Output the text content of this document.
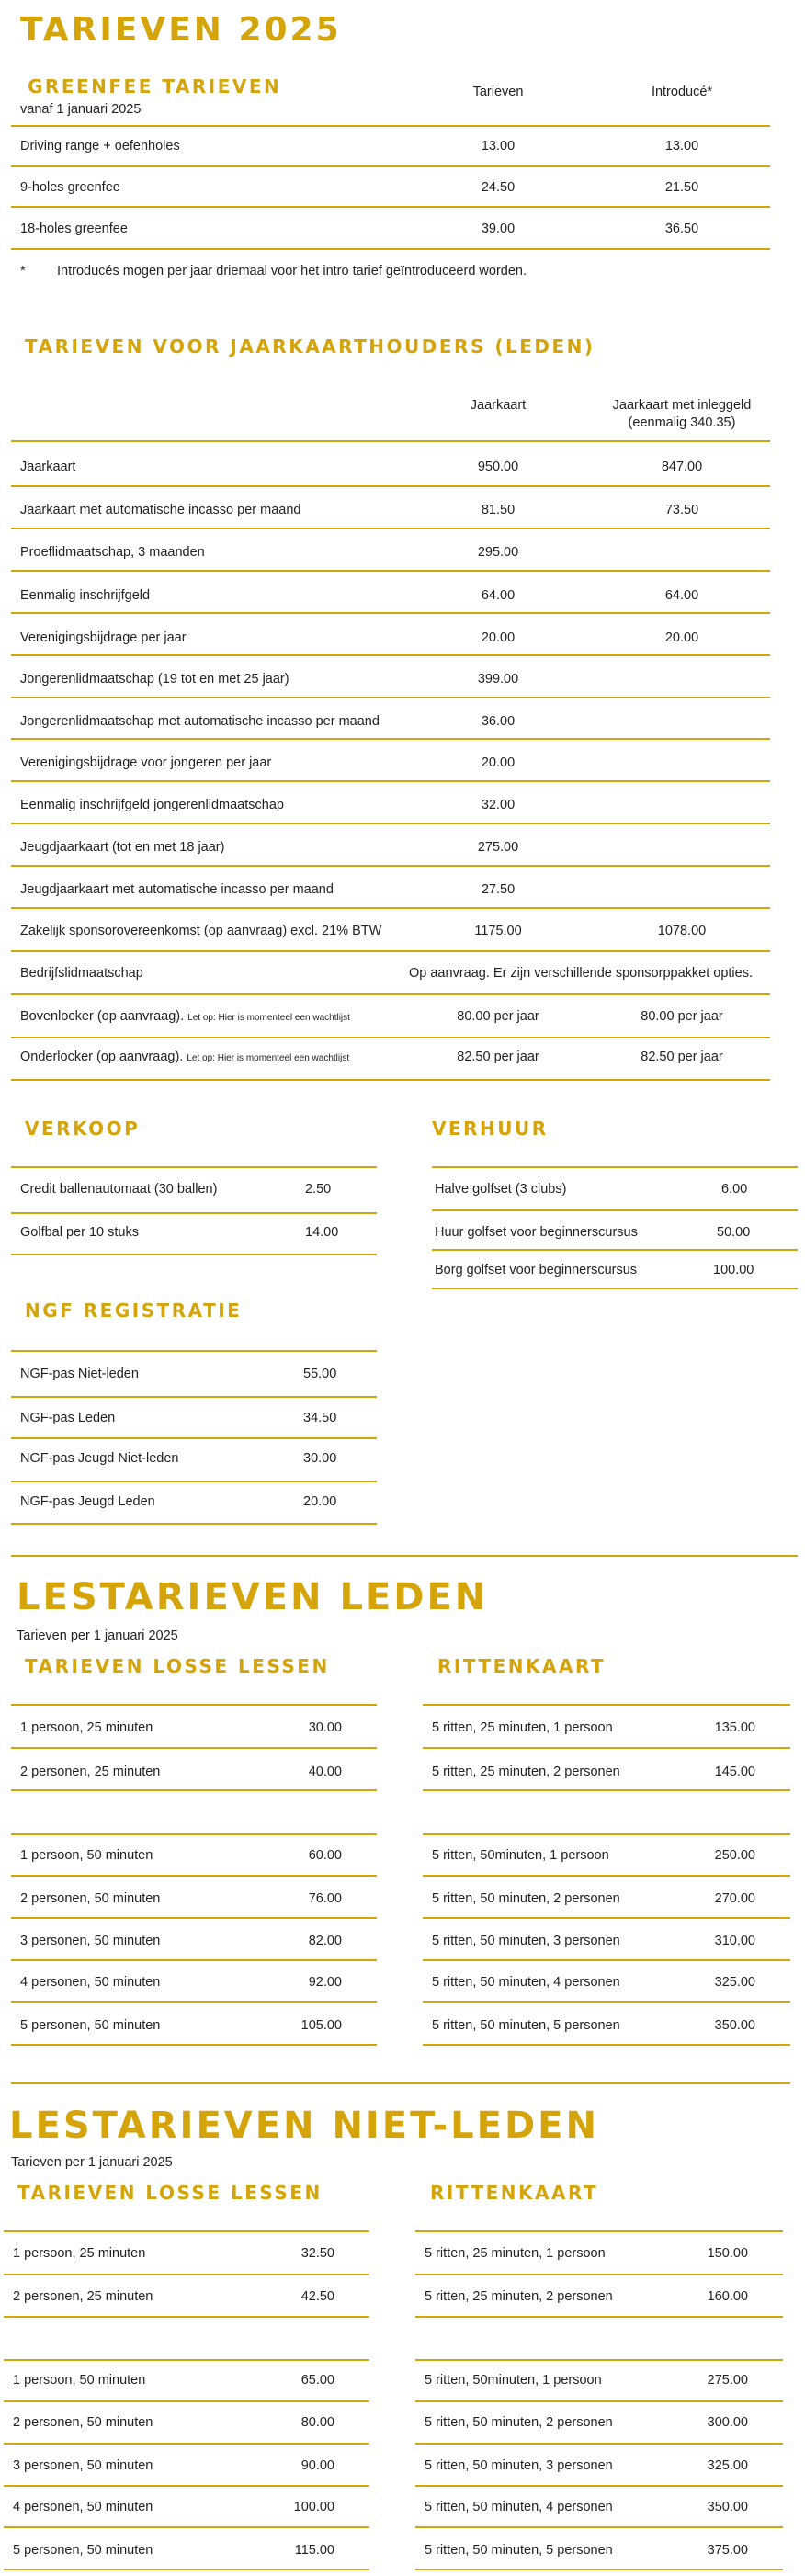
TARIEVEN 2025
GREENFEE TARIEVEN
vanaf 1 januari 2025
Tarieven	Introducé*
Driving range + oefenholes	13.00	13.00
9-holes greenfee	24.50	21.50
18-holes greenfee	39.00	36.50
* Introducés mogen per jaar driemaal voor het intro tarief geïntroduceerd worden.
TARIEVEN VOOR JAARKAARTHOUDERS (LEDEN)
Jaarkaart	Jaarkaart met inleggeld
(eenmalig 340.35)
Jaarkaart	950.00	847.00
Jaarkaart met automatische incasso per maand	81.50	73.50
Proeflidmaatschap, 3 maanden	295.00
Eenmalig inschrijfgeld	64.00	64.00
Verenigingsbijdrage per jaar	20.00	20.00
Jongerenlidmaatschap (19 tot en met 25 jaar)	399.00
Jongerenlidmaatschap met automatische incasso per maand	36.00
Verenigingsbijdrage voor jongeren per jaar	20.00
Eenmalig inschrijfgeld jongerenlidmaatschap	32.00
Jeugdjaarkaart (tot en met 18 jaar)	275.00
Jeugdjaarkaart met automatische incasso per maand	27.50
Zakelijk sponsorovereenkomst (op aanvraag) excl. 21% BTW	1175.00	1078.00
Bedrijfslidmaatschap	Op aanvraag. Er zijn verschillende sponsorppakket opties.
Bovenlocker (op aanvraag). Let op: Hier is momenteel een wachtlijst	80.00 per jaar	80.00 per jaar
Onderlocker (op aanvraag). Let op: Hier is momenteel een wachtlijst	82.50 per jaar	82.50 per jaar
VERKOOP	VERHUUR
Credit ballenautomaat (30 ballen)	2.50
Golfbal per 10 stuks	14.00
Halve golfset (3 clubs)	6.00
Huur golfset voor beginnerscursus	50.00
Borg golfset voor beginnerscursus	100.00
NGF REGISTRATIE
NGF-pas Niet-leden	55.00
NGF-pas Leden	34.50
NGF-pas Jeugd Niet-leden	30.00
NGF-pas Jeugd Leden	20.00
LESTARIEVEN LEDEN
Tarieven per 1 januari 2025
TARIEVEN LOSSE LESSEN	RITTENKAART
1 persoon, 25 minuten	30.00
2 personen, 25 minuten	40.00
5 ritten, 25 minuten, 1 persoon	135.00
5 ritten, 25 minuten, 2 personen	145.00
1 persoon, 50 minuten	60.00
2 personen, 50 minuten	76.00
3 personen, 50 minuten	82.00
4 personen, 50 minuten	92.00
5 personen, 50 minuten	105.00
5 ritten, 50minuten, 1 persoon	250.00
5 ritten, 50 minuten, 2 personen	270.00
5 ritten, 50 minuten, 3 personen	310.00
5 ritten, 50 minuten, 4 personen	325.00
5 ritten, 50 minuten, 5 personen	350.00
LESTARIEVEN NIET-LEDEN
Tarieven per 1 januari 2025
TARIEVEN LOSSE LESSEN	RITTENKAART
1 persoon, 25 minuten	32.50
2 personen, 25 minuten	42.50
5 ritten, 25 minuten, 1 persoon	150.00
5 ritten, 25 minuten, 2 personen	160.00
1 persoon, 50 minuten	65.00
2 personen, 50 minuten	80.00
3 personen, 50 minuten	90.00
4 personen, 50 minuten	100.00
5 personen, 50 minuten	115.00
5 ritten, 50minuten, 1 persoon	275.00
5 ritten, 50 minuten, 2 personen	300.00
5 ritten, 50 minuten, 3 personen	325.00
5 ritten, 50 minuten, 4 personen	350.00
5 ritten, 50 minuten, 5 personen	375.00
